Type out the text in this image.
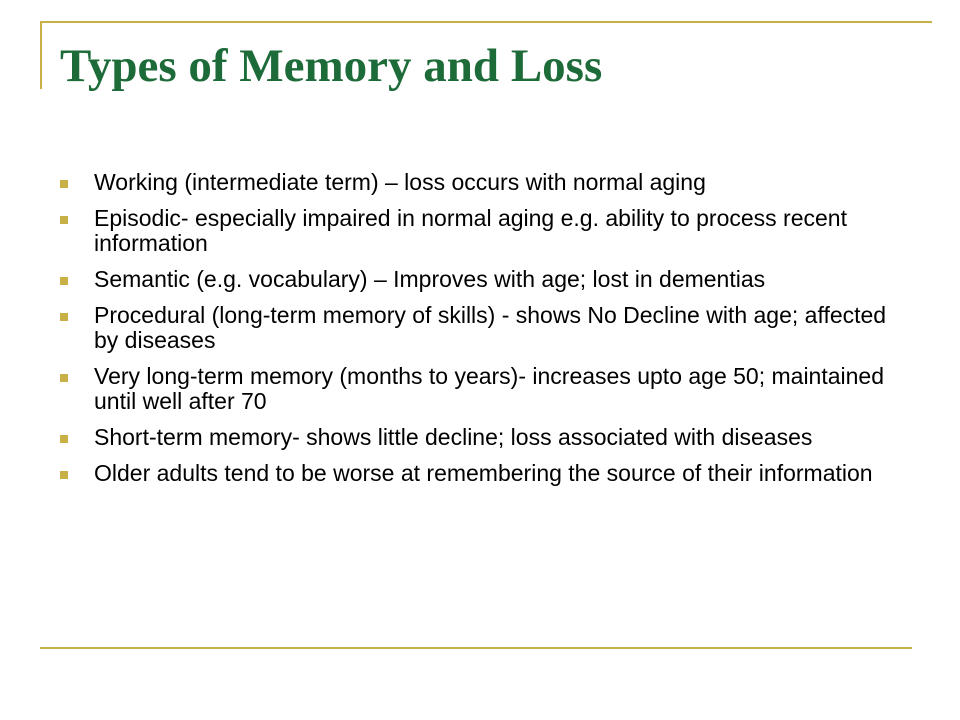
Types of Memory and Loss
Working (intermediate term) – loss occurs with normal aging
Episodic- especially impaired in normal aging e.g. ability to process recent information
Semantic (e.g. vocabulary) – Improves with age; lost in dementias
Procedural (long-term memory of skills) - shows No Decline with age; affected by diseases
Very long-term memory (months to years)- increases upto age 50; maintained until well after 70
Short-term memory- shows little decline; loss associated with diseases
Older adults tend to be worse at remembering the source of their information
